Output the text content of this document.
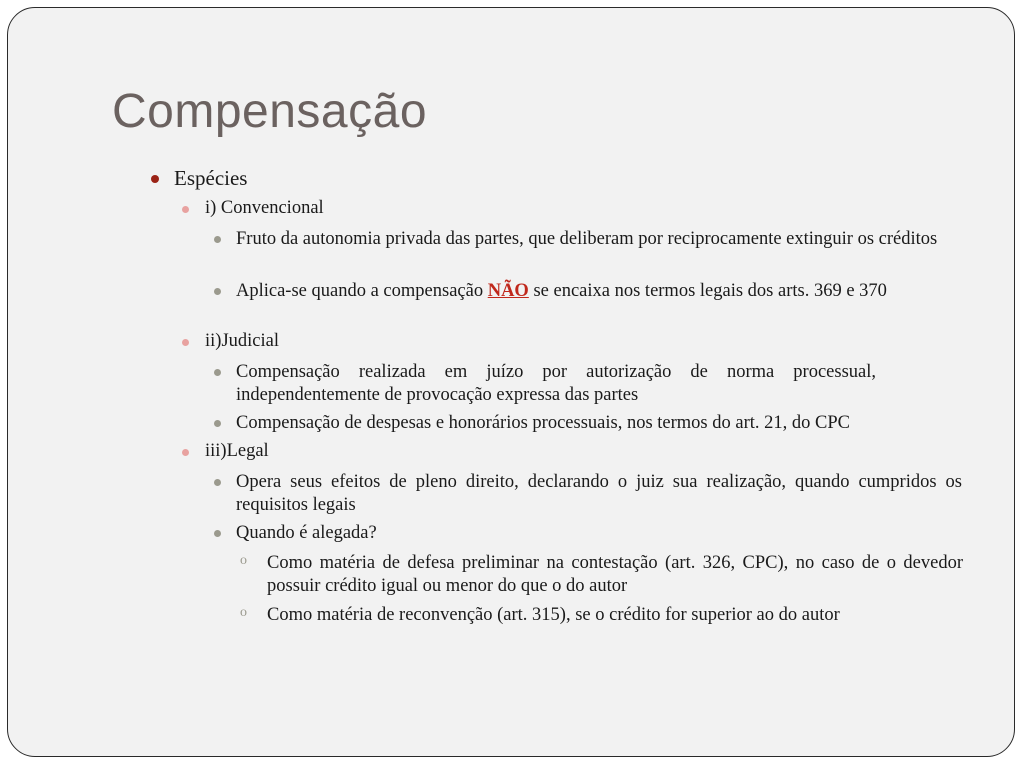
Compensação
Espécies
i) Convencional
Fruto da autonomia privada das partes, que deliberam por reciprocamente extinguir os créditos
Aplica-se quando a compensação NÃO se encaixa nos termos legais dos arts. 369 e 370
ii)Judicial
Compensação realizada em juízo por autorização de norma processual, independentemente de provocação expressa das partes
Compensação de despesas e honorários processuais, nos termos do art. 21, do CPC
iii)Legal
Opera seus efeitos de pleno direito, declarando o juiz sua realização, quando cumpridos os requisitos legais
Quando é alegada?
o Como matéria de defesa preliminar na contestação (art. 326, CPC), no caso de o devedor possuir crédito igual ou menor do que o do autor
o Como matéria de reconvenção (art. 315), se o crédito for superior ao do autor
